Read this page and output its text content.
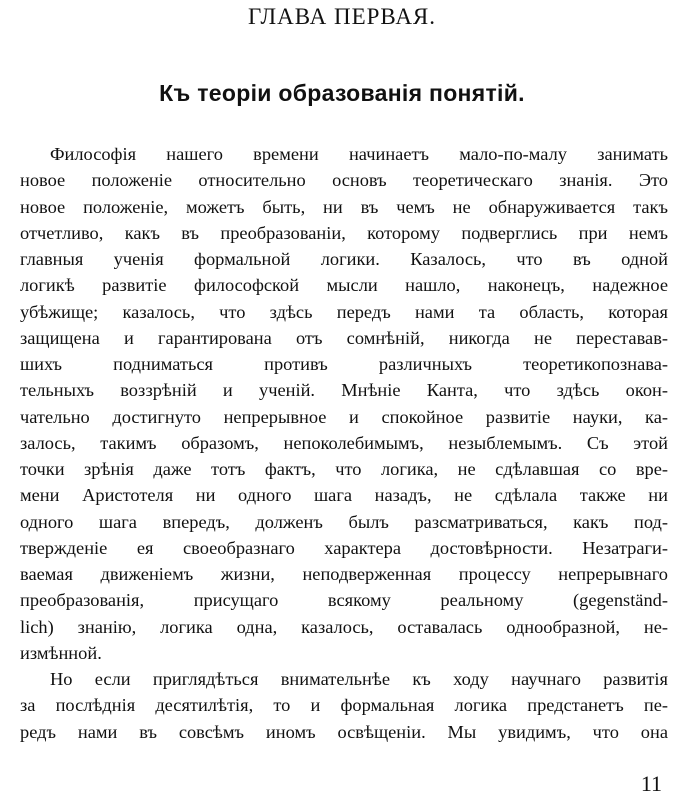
ГЛАВА ПЕРВАЯ.
Къ теоріи образованія понятій.
Философія нашего времени начинаетъ мало-по-малу занимать
новое положеніе относительно основъ теоретическаго знанія. Это
новое положеніе, можетъ быть, ни въ чемъ не обнаруживается такъ
отчетливо, какъ въ преобразованіи, которому подверглись при немъ
главныя ученія формальной логики. Казалось, что въ одной
логикѣ развитіе философской мысли нашло, наконецъ, надежное
убѣжище; казалось, что здѣсь передъ нами та область, которая
защищена и гарантирована отъ сомнѣній, никогда не переставав-
шихъ подниматься противъ различныхъ теоретикопознава-
тельныхъ воззрѣній и ученій. Мнѣніе Канта, что здѣсь окон-
чательно достигнуто непрерывное и спокойное развитіе науки, ка-
залось, такимъ образомъ, непоколебимымъ, незыблемымъ. Съ этой
точки зрѣнія даже тотъ фактъ, что логика, не сдѣлавшая со вре-
мени Аристотеля ни одного шага назадъ, не сдѣлала также ни
одного шага впередъ, долженъ былъ разсматриваться, какъ под-
твержденіе ея своеобразнаго характера достовѣрности. Незатраги-
ваемая движеніемъ жизни, неподверженная процессу непрерывнаго
преобразованія, присущаго всякому реальному (gegenständ-
lich) знанію, логика одна, казалось, оставалась однообразной, не-
измѣнной.
Но если приглядѣться внимательнѣе къ ходу научнаго развитія
за послѣднія десятилѣтія, то и формальная логика предстанетъ пе-
редъ нами въ совсѣмъ иномъ освѣщеніи. Мы увидимъ, что она

11
